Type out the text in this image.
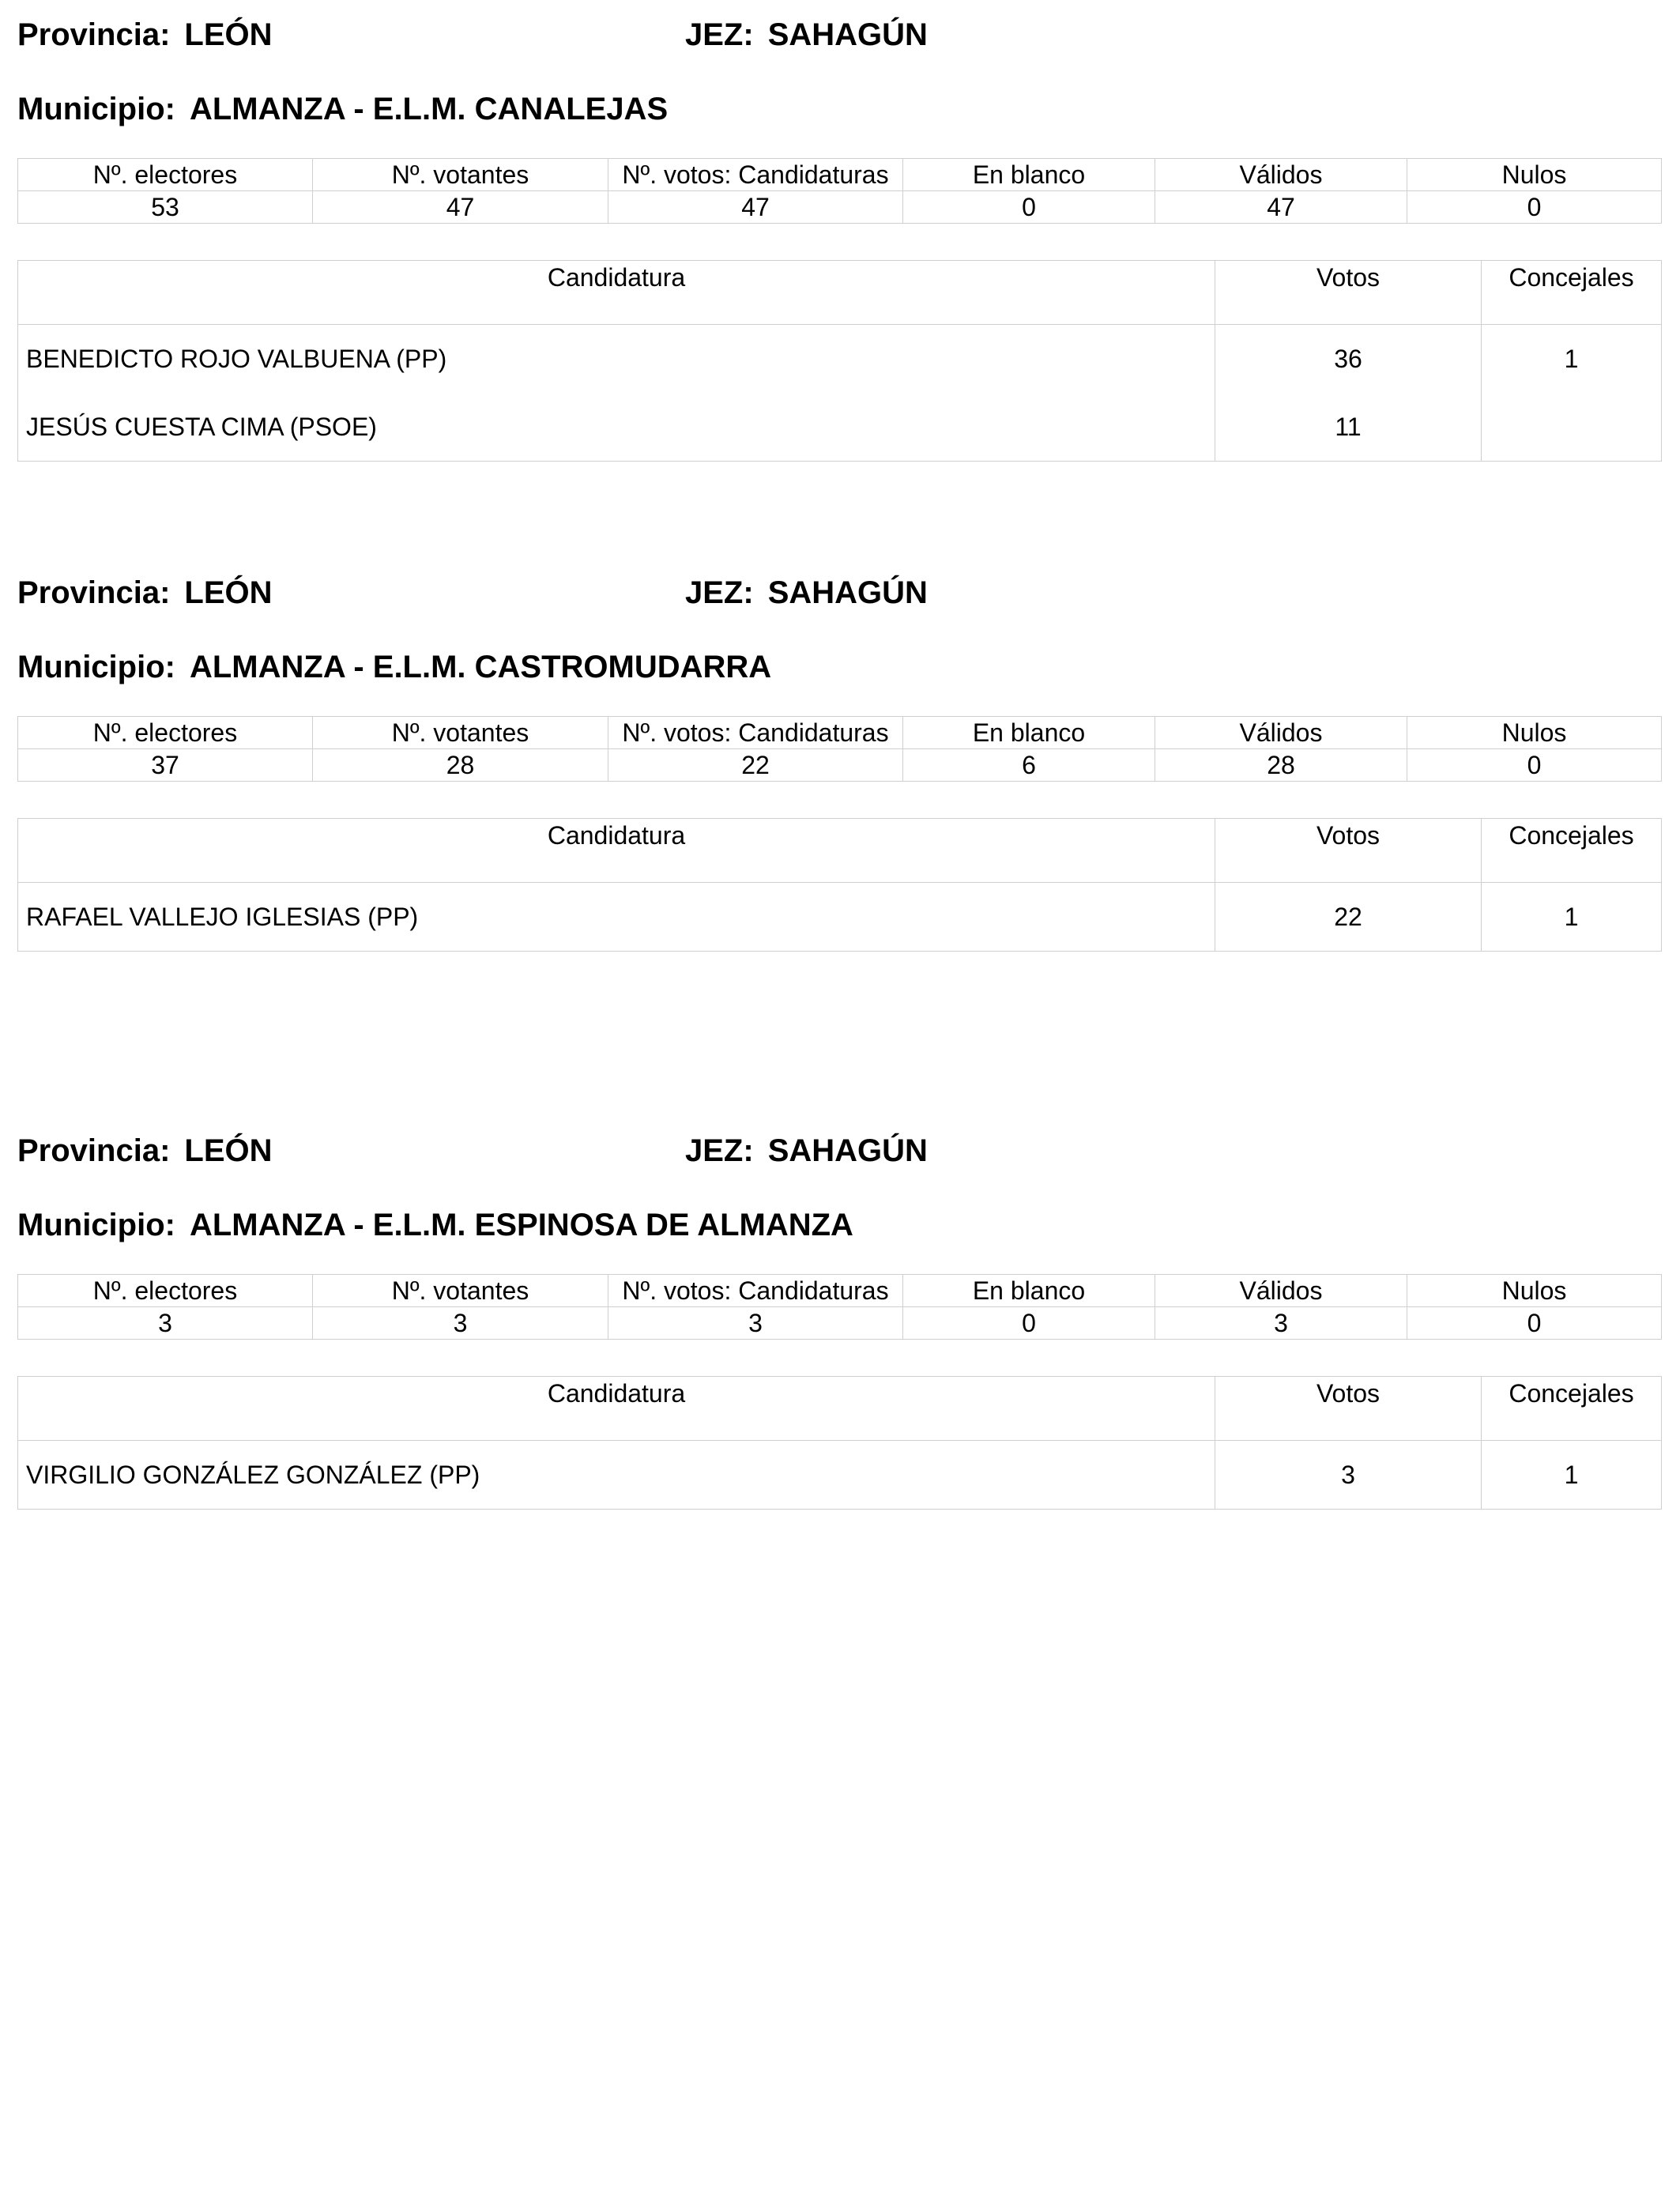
Provincia: LEÓN	JEZ: SAHAGÚN
Municipio: ALMANZA - E.L.M. CANALEJAS
Nº. electores	Nº. votantes	Nº. votos: Candidaturas	En blanco	Válidos	Nulos
53	47	47	0	47	0
Candidatura	Votos	Concejales
BENEDICTO ROJO VALBUENA (PP)	36	1
JESÚS CUESTA CIMA (PSOE)	11	
Provincia: LEÓN	JEZ: SAHAGÚN
Municipio: ALMANZA - E.L.M. CASTROMUDARRA
Nº. electores	Nº. votantes	Nº. votos: Candidaturas	En blanco	Válidos	Nulos
37	28	22	6	28	0
Candidatura	Votos	Concejales
RAFAEL VALLEJO IGLESIAS (PP)	22	1
Provincia: LEÓN	JEZ: SAHAGÚN
Municipio: ALMANZA - E.L.M. ESPINOSA DE ALMANZA
Nº. electores	Nº. votantes	Nº. votos: Candidaturas	En blanco	Válidos	Nulos
3	3	3	0	3	0
Candidatura	Votos	Concejales
VIRGILIO GONZÁLEZ GONZÁLEZ (PP)	3	1
